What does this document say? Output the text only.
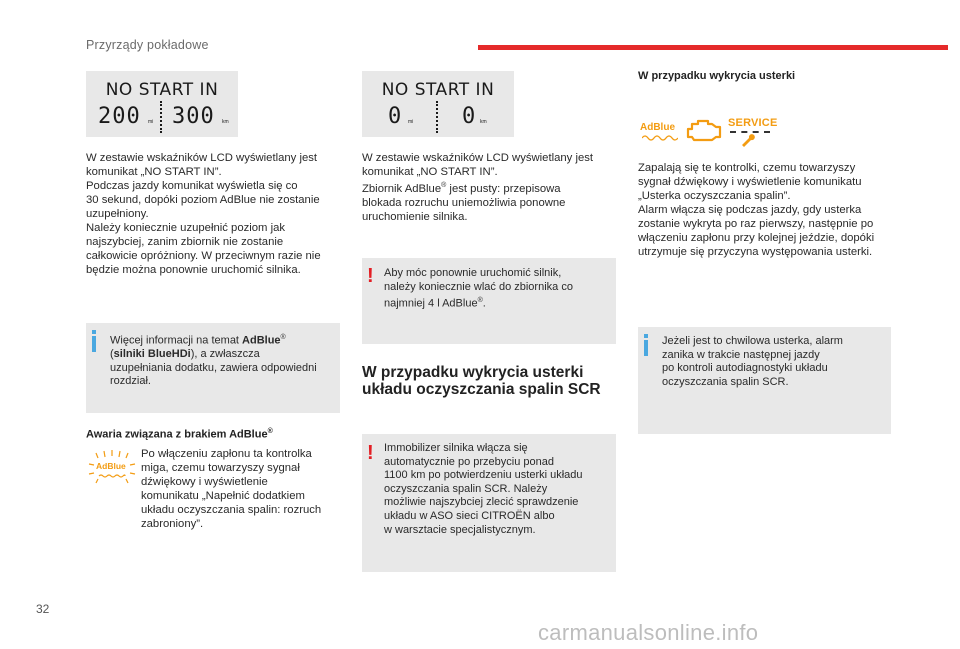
Przyrządy pokładowe
NO START IN
200 mi 300 km
NO START IN
0 mi 0 km
W zestawie wskaźników LCD wyświetlany jest
komunikat „NO START IN”.
Podczas jazdy komunikat wyświetla się co
30 sekund, dopóki poziom AdBlue nie zostanie
uzupełniony.
Należy koniecznie uzupełnić poziom jak
najszybciej, zanim zbiornik nie zostanie
całkowicie opróżniony. W przeciwnym razie nie
będzie można ponownie uruchomić silnika.
Więcej informacji na temat AdBlue®
(silniki BlueHDi), a zwłaszcza
uzupełniania dodatku, zawiera odpowiedni
rozdział.
Awaria związana z brakiem AdBlue®
AdBlue
Po włączeniu zapłonu ta kontrolka
miga, czemu towarzyszy sygnał
dźwiękowy i wyświetlenie
komunikatu „Napełnić dodatkiem
układu oczyszczania spalin: rozruch
zabroniony”.
W zestawie wskaźników LCD wyświetlany jest
komunikat „NO START IN”.
Zbiornik AdBlue® jest pusty: przepisowa
blokada rozruchu uniemożliwia ponowne
uruchomienie silnika.
! Aby móc ponownie uruchomić silnik,
należy koniecznie wlać do zbiornika co
najmniej 4 l AdBlue®.
W przypadku wykrycia usterki
układu oczyszczania spalin SCR
! Immobilizer silnika włącza się
automatycznie po przebyciu ponad
1100 km po potwierdzeniu usterki układu
oczyszczania spalin SCR. Należy
możliwie najszybciej zlecić sprawdzenie
układu w ASO sieci CITROËN albo
w warsztacie specjalistycznym.
W przypadku wykrycia usterki
AdBlue	SERVICE
Zapalają się te kontrolki, czemu towarzyszy
sygnał dźwiękowy i wyświetlenie komunikatu
„Usterka oczyszczania spalin”.
Alarm włącza się podczas jazdy, gdy usterka
zostanie wykryta po raz pierwszy, następnie po
włączeniu zapłonu przy kolejnej jeździe, dopóki
utrzymuje się przyczyna występowania usterki.
Jeżeli jest to chwilowa usterka, alarm
zanika w trakcie następnej jazdy
po kontroli autodiagnostyki układu
oczyszczania spalin SCR.
32
carmanualsonline.info
